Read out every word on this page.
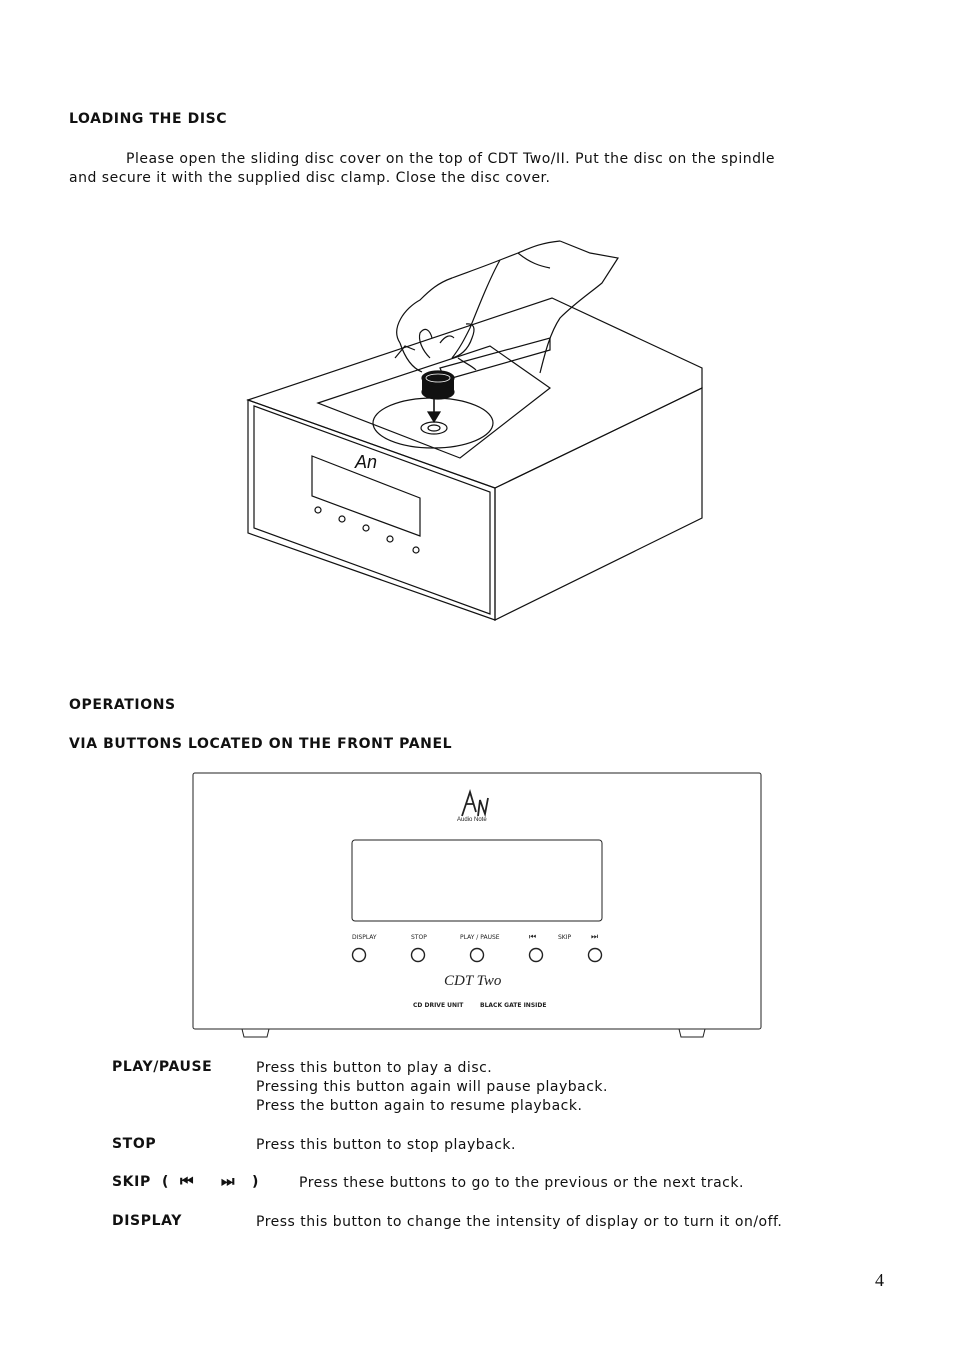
LOADING THE DISC
Please open the sliding disc cover on the top of CDT Two/II. Put the disc on the spindle
and secure it with the supplied disc clamp. Close the disc cover.
An
OPERATIONS
VIA BUTTONS LOCATED ON THE FRONT PANEL
Audio Note
DISPLAY	STOP	PLAY / PAUSE	⏮	SKIP ⏭
CDT Two
CD DRIVE UNIT	BLACK GATE INSIDE
PLAY/PAUSE	Press this button to play a disc.
Pressing this button again will pause playback.
Press the button again to resume playback.
STOP	Press this button to stop playback.
SKIP ( ⏮ ⏭ )	Press these buttons to go to the previous or the next track.
DISPLAY	Press this button to change the intensity of display or to turn it on/off.
4
